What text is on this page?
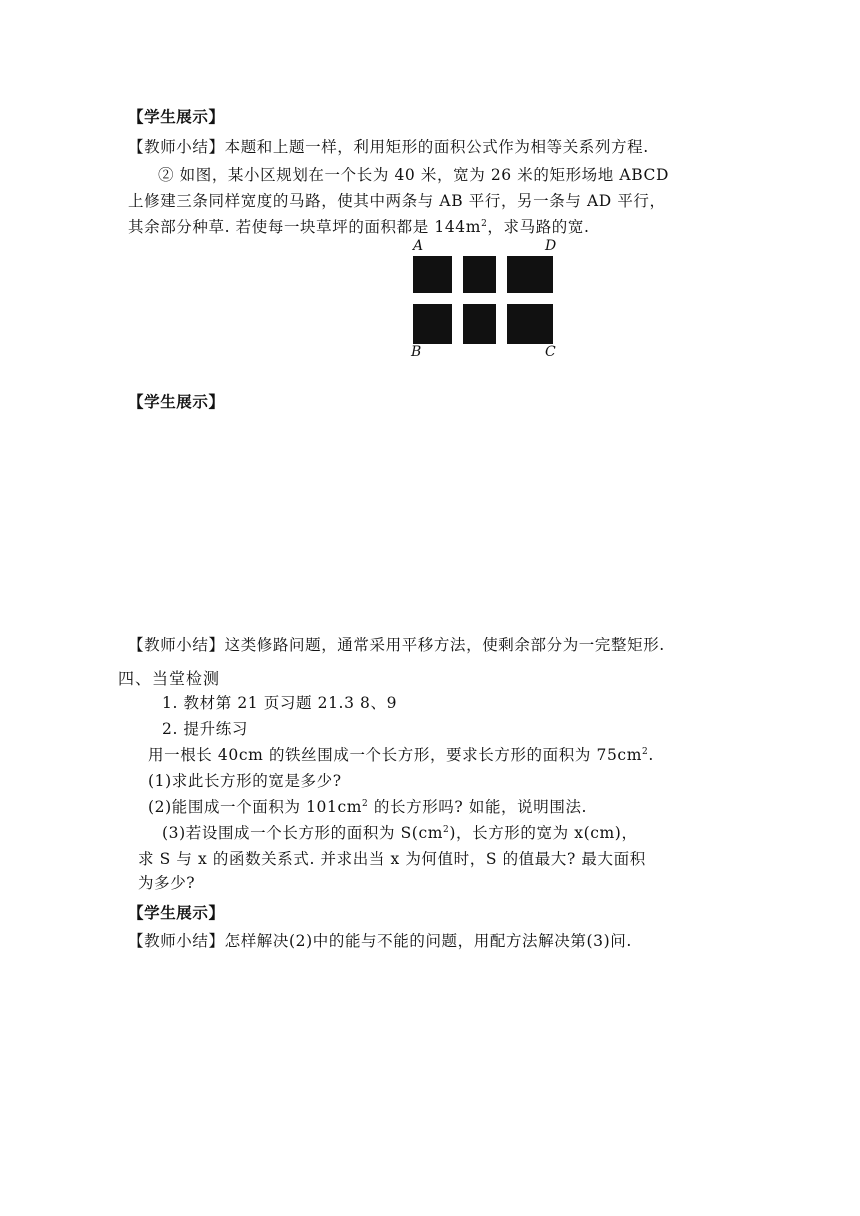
【学生展示】
【教师小结】本题和上题一样，利用矩形的面积公式作为相等关系列方程.
② 如图，某小区规划在一个长为 40 米，宽为 26 米的矩形场地 ABCD
上修建三条同样宽度的马路，使其中两条与 AB 平行，另一条与 AD 平行，
其余部分种草. 若使每一块草坪的面积都是 $144m^2$，求马路的宽.
A	D
B	C
【学生展示】
【教师小结】这类修路问题，通常采用平移方法，使剩余部分为一完整矩形.
四、当堂检测
1. 教材第 21 页习题 21.3 8、9
2. 提升练习
用一根长 40cm 的铁丝围成一个长方形，要求长方形的面积为 $75cm^2$.
(1)求此长方形的宽是多少?
(2)能围成一个面积为 $101cm^2$ 的长方形吗? 如能，说明围法.
(3)若设围成一个长方形的面积为 $S(cm^2)$，长方形的宽为 x(cm)，
求 S 与 x 的函数关系式. 并求出当 x 为何值时，S 的值最大? 最大面积
为多少?
【学生展示】
【教师小结】怎样解决(2)中的能与不能的问题，用配方法解决第(3)问.
